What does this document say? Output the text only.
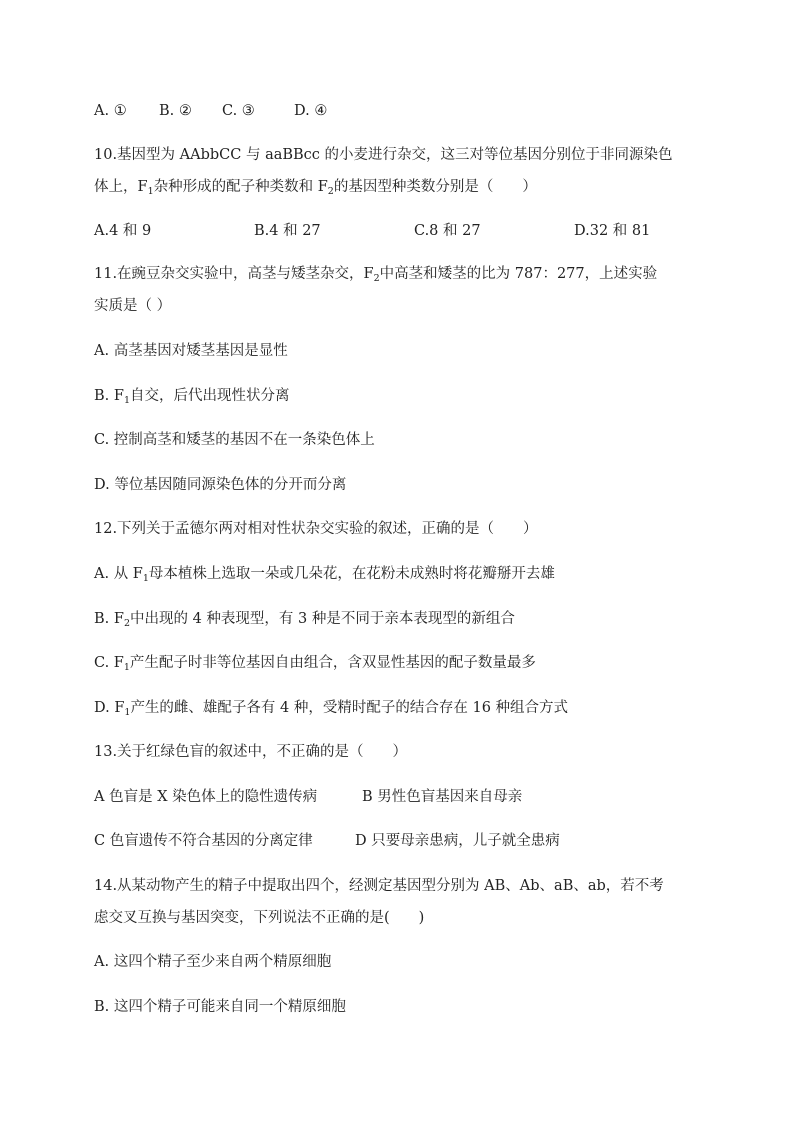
A. ① B. ② C. ③	D. ④
10.基因型为 AAbbCC 与 aaBBcc 的小麦进行杂交，这三对等位基因分别位于非同源染色
体上，$F_1$杂种形成的配子种类数和 $F_2$的基因型种类数分别是（　　）
A.4 和 9	B.4 和 27	C.8 和 27	D.32 和 81
11.在豌豆杂交实验中，高茎与矮茎杂交，$F_2$中高茎和矮茎的比为 787：277，上述实验
实质是（ ）
A. 高茎基因对矮茎基因是显性
B. $F_1$自交，后代出现性状分离
C. 控制高茎和矮茎的基因不在一条染色体上
D. 等位基因随同源染色体的分开而分离
12.下列关于孟德尔两对相对性状杂交实验的叙述，正确的是（　　）
A. 从 $F_1$母本植株上选取一朵或几朵花，在花粉未成熟时将花瓣掰开去雄
B. $F_2$中出现的 4 种表现型，有 3 种是不同于亲本表现型的新组合
C. $F_1$产生配子时非等位基因自由组合，含双显性基因的配子数量最多
D. $F_1$产生的雌、雄配子各有 4 种，受精时配子的结合存在 16 种组合方式
13.关于红绿色盲的叙述中，不正确的是（　　）
A 色盲是 X 染色体上的隐性遗传病	B 男性色盲基因来自母亲
C 色盲遗传不符合基因的分离定律	D 只要母亲患病，儿子就全患病
14.从某动物产生的精子中提取出四个，经测定基因型分别为 AB、Ab、aB、ab，若不考
虑交叉互换与基因突变，下列说法不正确的是(　　)
A. 这四个精子至少来自两个精原细胞
B. 这四个精子可能来自同一个精原细胞
